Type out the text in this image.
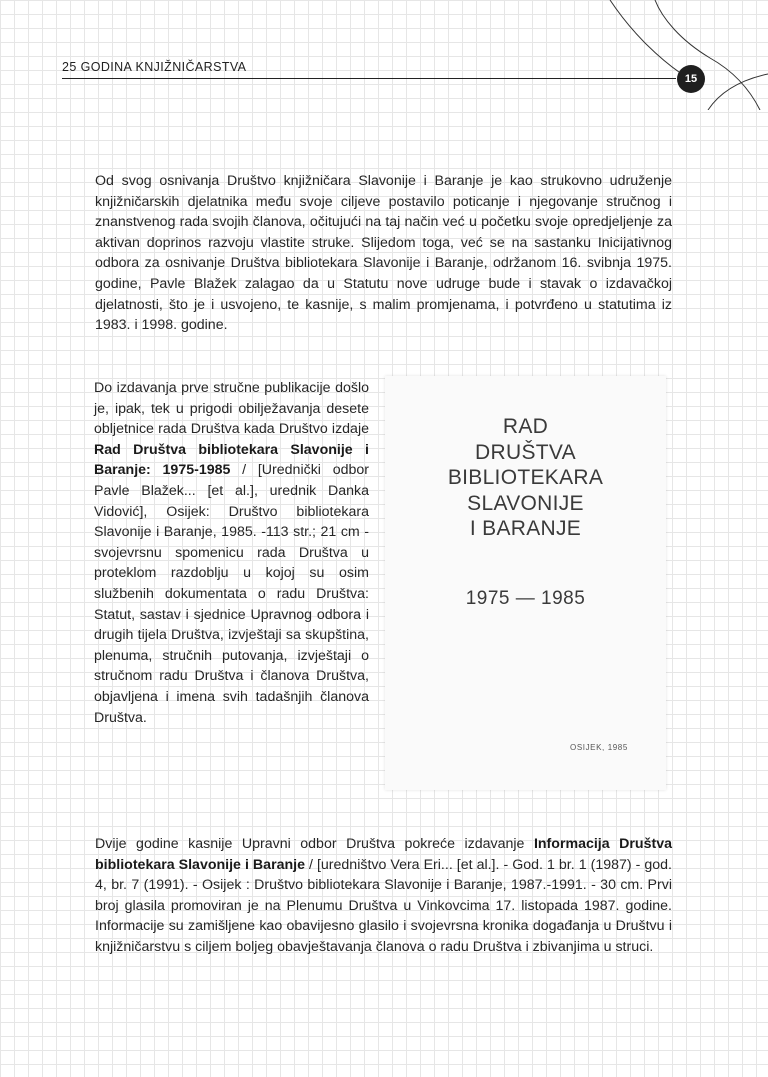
25 GODINA KNJIŽNIČARSTVA
15

Od svog osnivanja Društvo knjižničara Slavonije i Baranje je kao strukovno udruženje knjižničarskih djelatnika među svoje ciljeve postavilo poticanje i njegovanje stručnog i znanstvenog rada svojih članova, očitujući na taj način već u početku svoje opredjeljenje za aktivan doprinos razvoju vlastite struke. Slijedom toga, već se na sastanku Inicijativnog odbora za osnivanje Društva bibliotekara Slavonije i Baranje, održanom 16. svibnja 1975. godine, Pavle Blažek zalagao da u Statutu nove udruge bude i stavak o izdavačkoj djelatnosti, što je i usvojeno, te kasnije, s malim promjenama, i potvrđeno u statutima iz 1983. i 1998. godine.

Do izdavanja prve stručne publikacije došlo je, ipak, tek u prigodi obilježavanja desete obljetnice rada Društva kada Društvo izdaje Rad Društva bibliotekara Slavonije i Baranje: 1975-1985 / [Urednički odbor Pavle Blažek... [et al.], urednik Danka Vidović], Osijek: Društvo bibliotekara Slavonije i Baranje, 1985. -113 str.; 21 cm - svojevrsnu spomenicu rada Društva u proteklom razdoblju u kojoj su osim službenih dokumentata o radu Društva: Statut, sastav i sjednice Upravnog odbora i drugih tijela Društva, izvještaji sa skupština, plenuma, stručnih putovanja, izvještaji o stručnom radu Društva i članova Društva, objavljena i imena svih tadašnjih članova Društva.

RAD
DRUŠTVA
BIBLIOTEKARA
SLAVONIJE
I BARANJE
1975 — 1985
OSIJEK, 1985

Dvije godine kasnije Upravni odbor Društva pokreće izdavanje Informacija Društva bibliotekara Slavonije i Baranje / [uredništvo Vera Eri... [et al.]. - God. 1 br. 1 (1987) - god. 4, br. 7 (1991). - Osijek : Društvo bibliotekara Slavonije i Baranje, 1987.-1991. - 30 cm. Prvi broj glasila promoviran je na Plenumu Društva u Vinkovcima 17. listopada 1987. godine. Informacije su zamišljene kao obavijesno glasilo i svojevrsna kronika događanja u Društvu i knjižničarstvu s ciljem boljeg obavještavanja članova o radu Društva i zbivanjima u struci.
